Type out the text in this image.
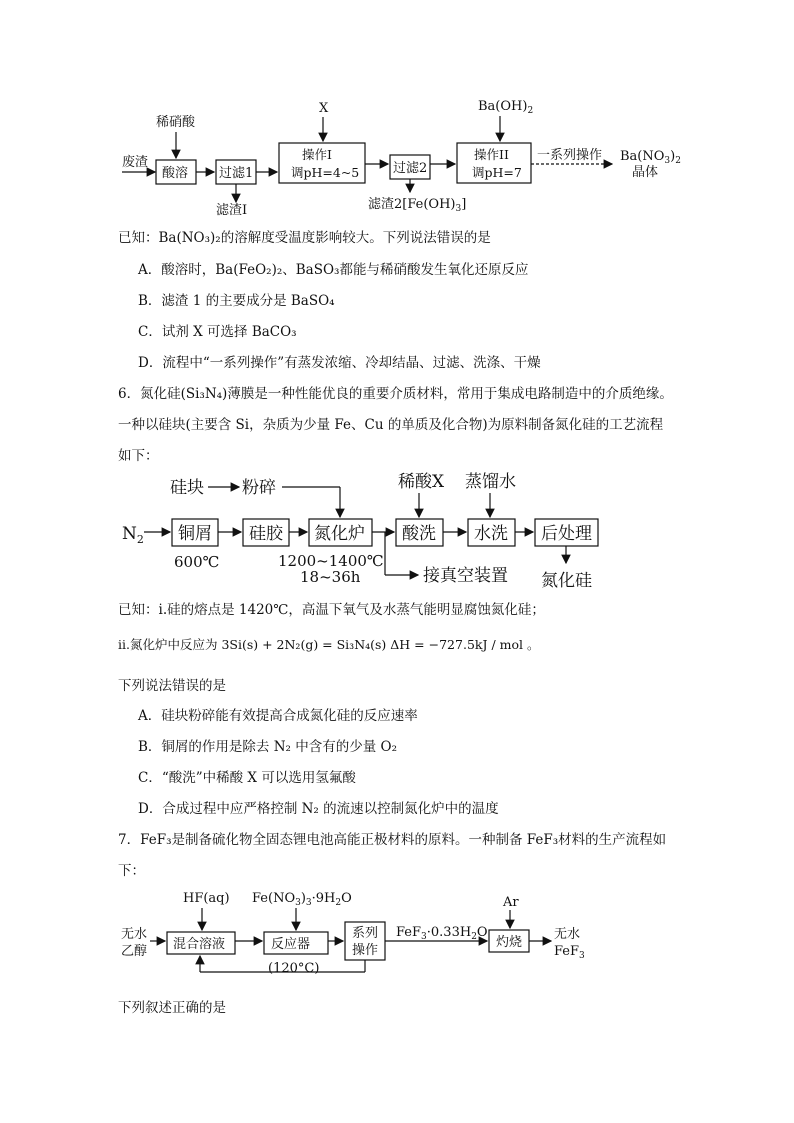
废渣
稀硝酸
酸溶 过滤1
滤渣I
X
操作I
调pH=4~5	过滤2
滤渣$2[Fe(OH)_3]$
$Ba(OH)_2$
操作II
调pH=7
一系列操作 $Ba(NO_3)_2$
晶体
已知：Ba(NO₃)₂的溶解度受温度影响较大。下列说法错误的是
A．酸溶时，Ba(FeO₂)₂、BaSO₃都能与稀硝酸发生氧化还原反应
B．滤渣 1 的主要成分是 BaSO₄
C．试剂 X 可选择 BaCO₃
D．流程中“一系列操作”有蒸发浓缩、冷却结晶、过滤、洗涤、干燥
6．氮化硅(Si₃N₄)薄膜是一种性能优良的重要介质材料，常用于集成电路制造中的介质绝缘。
一种以硅块(主要含 Si，杂质为少量 Fe、Cu 的单质及化合物)为原料制备氮化硅的工艺流程
如下：
硅块 粉碎
$N_2$ 铜屑
600℃
硅胶 氮化炉
1200~1400℃
18~36h	接真空装置
稀酸X
酸洗
蒸馏水
水洗 后处理
氮化硅
已知：ⅰ.硅的熔点是 1420℃，高温下氧气及水蒸气能明显腐蚀氮化硅；
ⅱ.氮化炉中反应为 3Si(s) + 2N₂(g) = Si₃N₄(s) ΔH = −727.5kJ / mol 。
下列说法错误的是
A．硅块粉碎能有效提高合成氮化硅的反应速率
B．铜屑的作用是除去 N₂ 中含有的少量 O₂
C．“酸洗”中稀酸 X 可以选用氢氟酸
D．合成过程中应严格控制 N₂ 的流速以控制氮化炉中的温度
7．FeF₃是制备硫化物全固态锂电池高能正极材料的原料。一种制备 FeF₃材料的生产流程如
下：
无水
乙醇
HF(aq)
混合溶液
$Fe(NO_3)_3\cdot 9H_2O$
反应器
(120°C)
系列
操作
$FeF_3\cdot 0.33H_2O$
Ar
灼烧
无水
FeF$_3$
下列叙述正确的是
